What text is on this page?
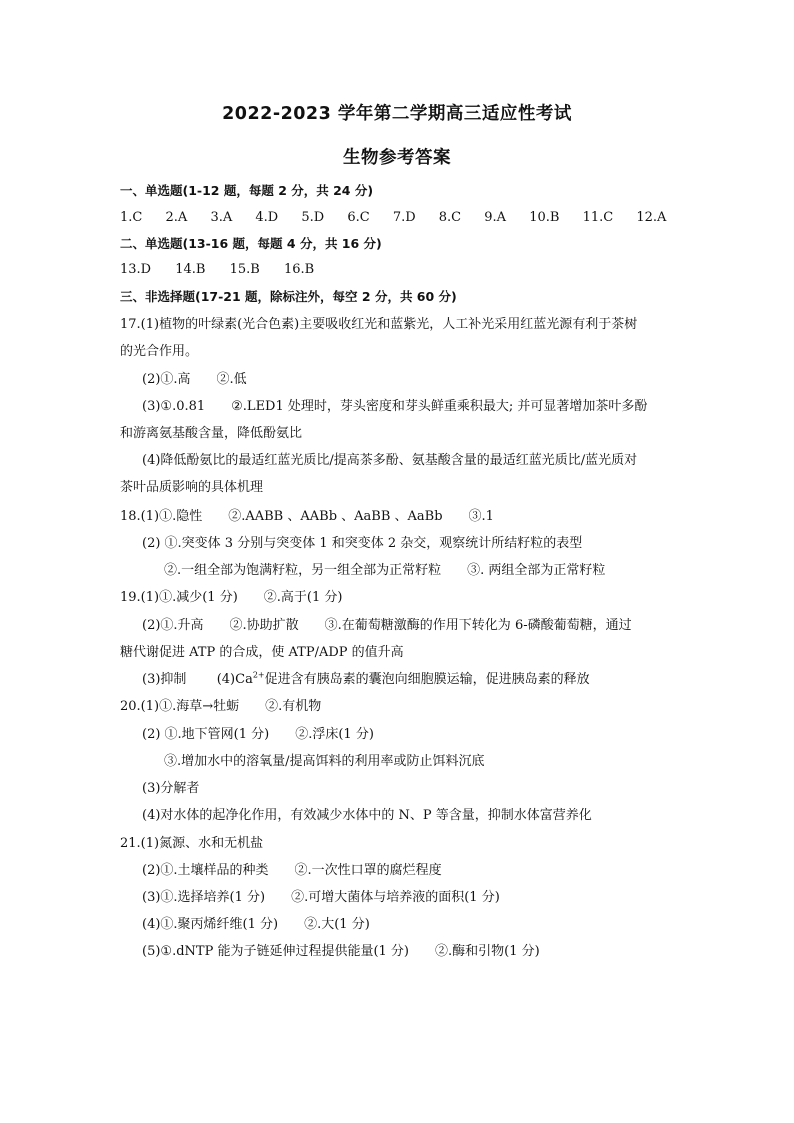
2022-2023 学年第二学期高三适应性考试
生物参考答案
一、单选题(1-12 题，每题 2 分，共 24 分)
1.C 2.A 3.A 4.D 5.D 6.C 7.D 8.C 9.A 10.B 11.C 12.A
二、单选题(13-16 题，每题 4 分，共 16 分)
13.D 14.B 15.B 16.B
三、非选择题(17-21 题，除标注外，每空 2 分，共 60 分)
17.(1)植物的叶绿素(光合色素)主要吸收红光和蓝紫光，人工补光采用红蓝光源有利于茶树
的光合作用。
(2)①.高　　②.低
(3)①.0.81　　②.LED1 处理时，芽头密度和芽头鲜重乘积最大; 并可显著增加茶叶多酚
和游离氨基酸含量，降低酚氨比
(4)降低酚氨比的最适红蓝光质比/提高茶多酚、氨基酸含量的最适红蓝光质比/蓝光质对
茶叶品质影响的具体机理
18.(1)①.隐性　　②.AABB 、AABb 、AaBB 、AaBb　　③.1
(2) ①.突变体 3 分别与突变体 1 和突变体 2 杂交，观察统计所结籽粒的表型
②.一组全部为饱满籽粒，另一组全部为正常籽粒　　③. 两组全部为正常籽粒
19.(1)①.减少(1 分)　　②.高于(1 分)
(2)①.升高　　②.协助扩散　　③.在葡萄糖激酶的作用下转化为 6-磷酸葡萄糖，通过
糖代谢促进 ATP 的合成，使 ATP/ADP 的值升高
(3)抑制 $(4)Ca^{2+}$促进含有胰岛素的囊泡向细胞膜运输，促进胰岛素的释放
20.(1)①.海草→牡蛎　　②.有机物
(2) ①.地下管网(1 分)　　②.浮床(1 分)
③.增加水中的溶氧量/提高饵料的利用率或防止饵料沉底
(3)分解者
(4)对水体的起净化作用，有效减少水体中的 N、P 等含量，抑制水体富营养化
21.(1)氮源、水和无机盐
(2)①.土壤样品的种类　　②.一次性口罩的腐烂程度
(3)①.选择培养(1 分)　　②.可增大菌体与培养液的面积(1 分)
(4)①.聚丙烯纤维(1 分)　　②.大(1 分)
(5)①.dNTP 能为子链延伸过程提供能量(1 分)　　②.酶和引物(1 分)
